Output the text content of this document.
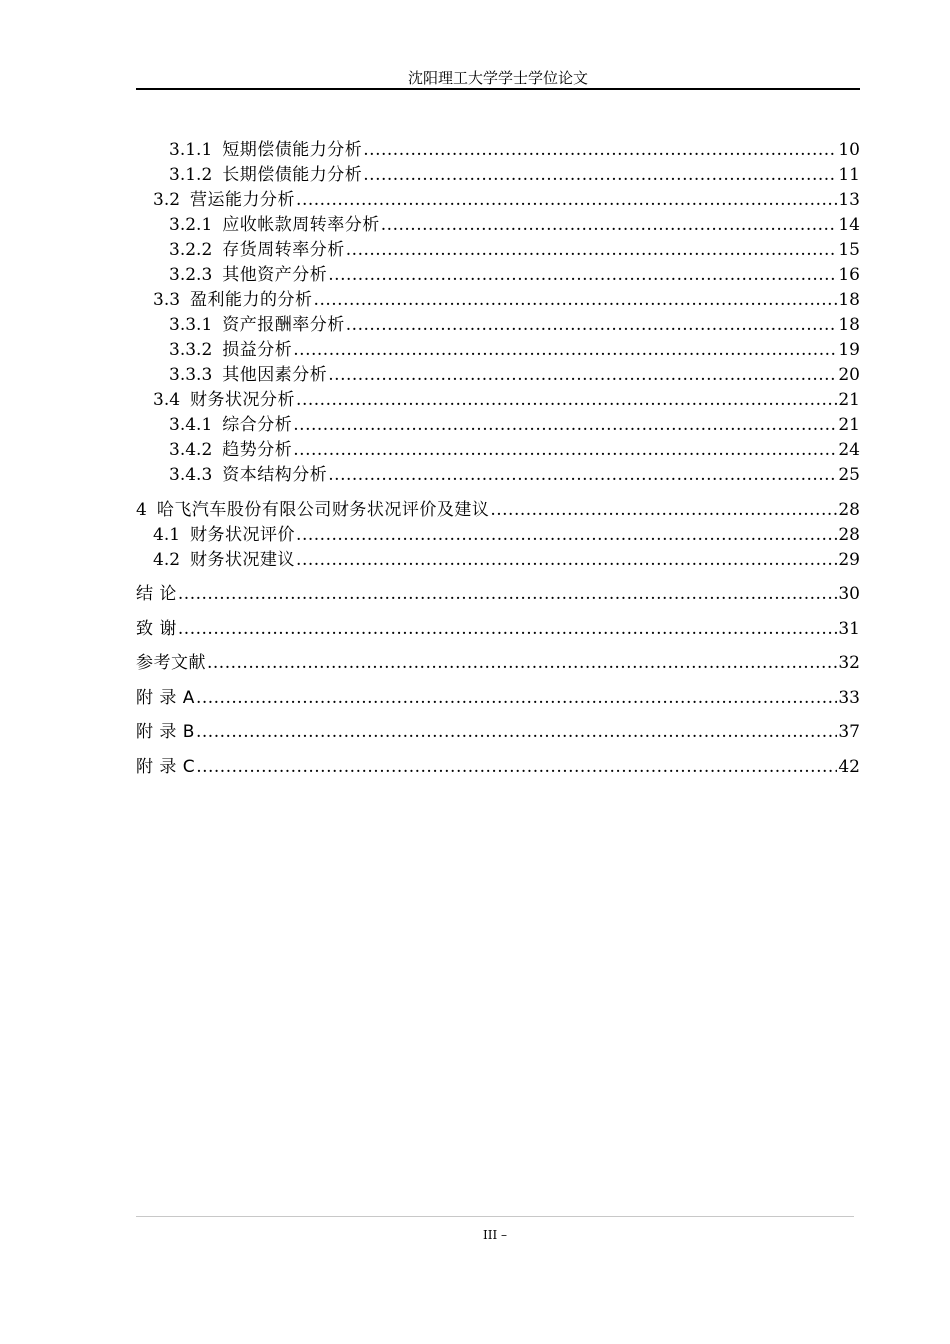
沈阳理工大学学士学位论文
3.1.1 短期偿债能力分析 .....	10
3.1.2 长期偿债能力分析 .....	11
3.2 营运能力分析 .....	13
3.2.1 应收帐款周转率分析 .....	14
3.2.2 存货周转率分析 .....	15
3.2.3 其他资产分析 .....	16
3.3 盈利能力的分析 .....	18
3.3.1 资产报酬率分析 .....	18
3.3.2 损益分析 .....	19
3.3.3 其他因素分析 .....	20
3.4 财务状况分析 .....	21
3.4.1 综合分析 .....	21
3.4.2 趋势分析 .....	24
3.4.3 资本结构分析 .....	25
4 哈飞汽车股份有限公司财务状况评价及建议 .....	28
4.1 财务状况评价 .....	28
4.2 财务状况建议 .....	29
结 论 .....	30
致 谢 .....	31
参考文献 .....	32
附 录 A .....	33
附 录 B .....	37
附 录 C .....	42
III –
